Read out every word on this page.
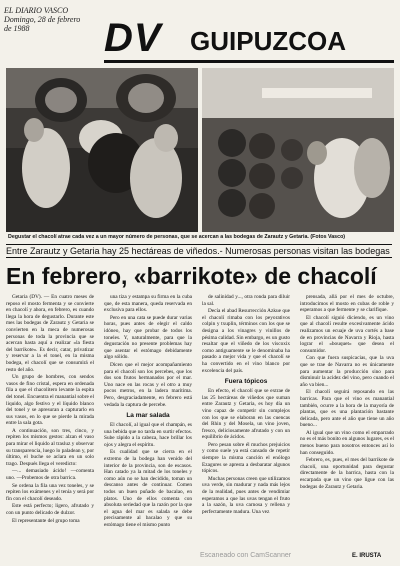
EL DIARIO VASCO
Domingo, 28 de febrero
de 1988	DV GUIPUZCOA
Degustar el chacolí atrae cada vez a un mayor número de personas, que se acercan a las bodegas de Zarautz y Getaria. (Fotos Vasco)
Entre Zarautz y Getaria hay 25 hectáreas de viñedos.- Numerosas personas visitan las bodegas
En febrero, «barrikote» de chacolí

Getaria (DV). — En cuatro meses de reposo el mosto fermenta y se convierte en chacolí y ahora, en febrero, es cuando llega la hora de degustarlo. Durante este mes las bodegas de Zarautz y Getaria se convierten en la meca de numerosas personas de toda la provincia que se acercan hasta aquí a realizar «la fiesta del barrikote». Es decir, catar, privatizar y reservar a la el tonel, en la misma bodega, el chacolí que se consumirá el resto del año.

Un grupo de hombres, con sendos vasos de fino cristal, espera en ordenada fila a que el chacolitero levante la espita del tonel. Encuentra el manantial sobre el liquido, algo festivo y el líquido blanco del tonel y se apresuran a capturarlo en sus vasos, en lo que se pierde la mirada entre la sala gota.

A continuación, son tres, cinco, y repiten los mismos gestos: alzan el vaso para mirar el liquido al trasluz y observar su transparencia, luego lo paladean y, por último, el buche se aclara en un solo trago. Después llega el veredicto:

—... demasiado ácido! —comenta uno. —Probemos de otra barrica.

Se ordena la fila una vez toneles, y se repiten los exámenes y el tenía y será por fin con el chacolí deseado.

Este está perfecto; ligero, afrutado y con un punto delicado de dulzor.

El representante del grupo toma

una tiza y estampa su firma en la cuba que, de esta manera, queda reservada en exclusiva para ellos.

Pero en una cata se puede durar varias horas, pues antes de elegir el caldo idóneo, hay que probar de todos los toneles. Y, naturalmente, para que la degustación no presente problemas hay que asentar el estómago debidamente algo sólido.

Dicen que el mejor acompañamiento para el chacolí son los percebes, que los dos son frutos hermanados por el mar. Uno nace en las rocas y el otro a muy pocos metros, en la ladera marítima. Pero, desgraciadamente, en febrero está vedada la captura de percebe.

La mar salada

El chacolí, al igual que el champán, es una bebida que no tarda en surtir efectos. Sube rápido a la cabeza, hace brillar los ojos y alegra el espíritu.

Es cualidad que se cierra en el extremo de la bodega han venido del interior de la provincia, son de escasos. Han catado ya la mitad de los toneles y como aún no se han decidido, toman un descanso antes de continuar. Comen todos un buen puñado de bacalao, en platos. Uno de ellos comenta con absoluta seriedad que la razón por la que el agua del mar es salada se debe precisamente al bacalao y que su estómago tiene el mismo punto

de salinidad y..., otra ronda para diluir la sal.

Decía el abad Resurrección Azkue que el chacolí rimaba con los peyorativos colpin y txuplin, términos con los que se designa a los vinagres y vinillos de pésima calidad. Sin embargo, es un gusto resaltar que el viñedo de los viscoxix como antiguamente se le denominaba ha pasado a mejor vida y que el chacolí se ha convertido en el vino blanco por excelencia del país.

Fuera tópicos

En efecto, el chacolí que se extrae de las 25 hectáreas de viñedos que suman entre Zarautz y Getaria, es hoy día un vino capaz de competir sin complejos con los que se elaboran en las cuencas del Rhin y del Mosela, un vino joven, fresco, deliciosamente afrutado y con un equilibrio de ácidos.

Pero pesan sobre él muchos prejuicios y como suele ya está cansado de repetir siempre la misma canción el enólogo Ezagures se apresta a desbaratar algunos tópicos.

Muchas personas creen que utilizamos uva verde, sin madurar y nada más lejos de la realidad, pues antes de vendimiar esperamos a que las uvas tengan el fruto a la sazón, la uva carnosa y rellena y perfectamente madura. Una vez

prensada, allá por el mes de octubre, introducimos el mosto en cubas de roble y esperamos a que fermente y se clarifique.

El chacolí siguió diciendo, es un vino que al chacolí resulte excesivamente ácido realizamos un ecuaje de uva cortés a base de en provincias de Navarra y Rioja, hasta lograr el «bouquet» que desea el consumidor.

Con que fuera suspicacias, que la uva que se trae de Navarra no es únicamente para aumentar la producción sino para disminuir la acidez del vino, pero cuando el año va bien...

El chacolí seguirá reposando en las barricas. Para que el vino es manantial también, ocurre a la hora de la mayoría de plantas, que es una plantación bastante delicada, pero ante el año que tiene un año bueno...

Al igual que un vino como el emparrado no es el más bonito en algunos lugares, es el menos bueno para nosotros entonces así lo han conseguido.

Febrero, es, pues, el mes del barrikote de chacolí, una oportunidad para degustar directamente de la barrica, hasta con la escarpada que un vino que ligue con las bodegas de Zarautz y Getaria.

Escaneado con CamScanner	E. IRUSTA
